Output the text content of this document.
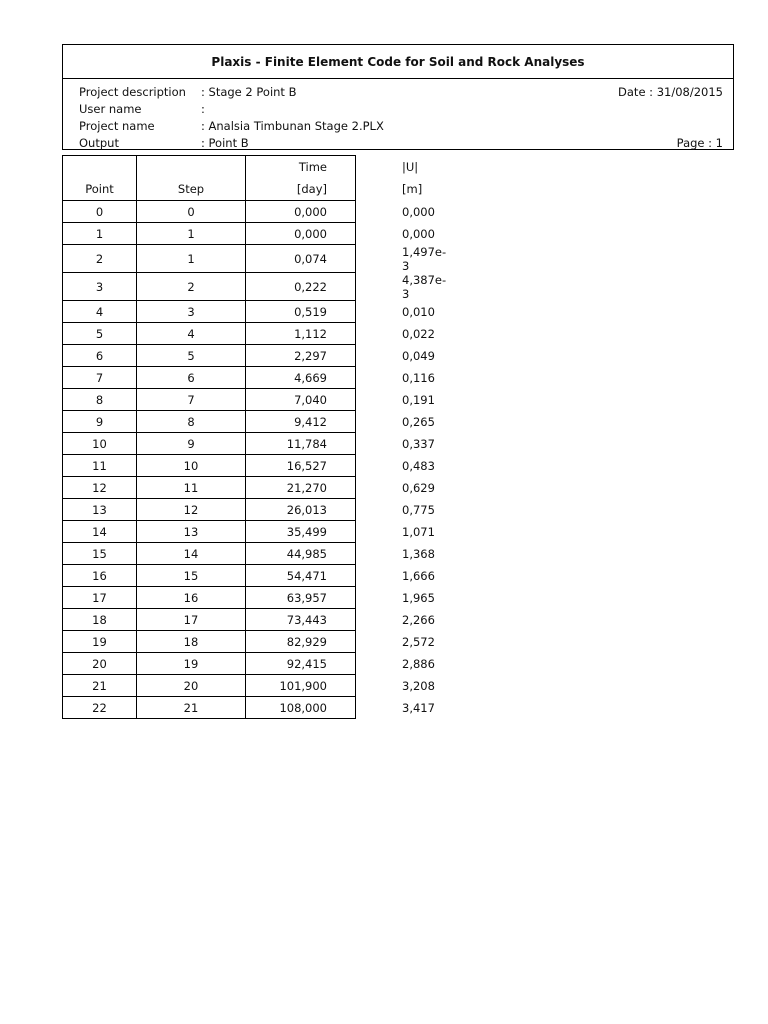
Plaxis - Finite Element Code for Soil and Rock Analyses
Project description : Stage 2 Point B	Date : 31/08/2015
User name	:
Project name	: Analsia Timbunan Stage 2.PLX
Output	: Point B	Page : 1
		Time	|U|
Point	Step	[day]	[m]
0	0	0,000	0,000
1	1	0,000	0,000
2	1	0,074	1,497e-3
3	2	0,222	4,387e-3
4	3	0,519	0,010
5	4	1,112	0,022
6	5	2,297	0,049
7	6	4,669	0,116
8	7	7,040	0,191
9	8	9,412	0,265
10	9	11,784	0,337
11	10	16,527	0,483
12	11	21,270	0,629
13	12	26,013	0,775
14	13	35,499	1,071
15	14	44,985	1,368
16	15	54,471	1,666
17	16	63,957	1,965
18	17	73,443	2,266
19	18	82,929	2,572
20	19	92,415	2,886
21	20	101,900	3,208
22	21	108,000	3,417
